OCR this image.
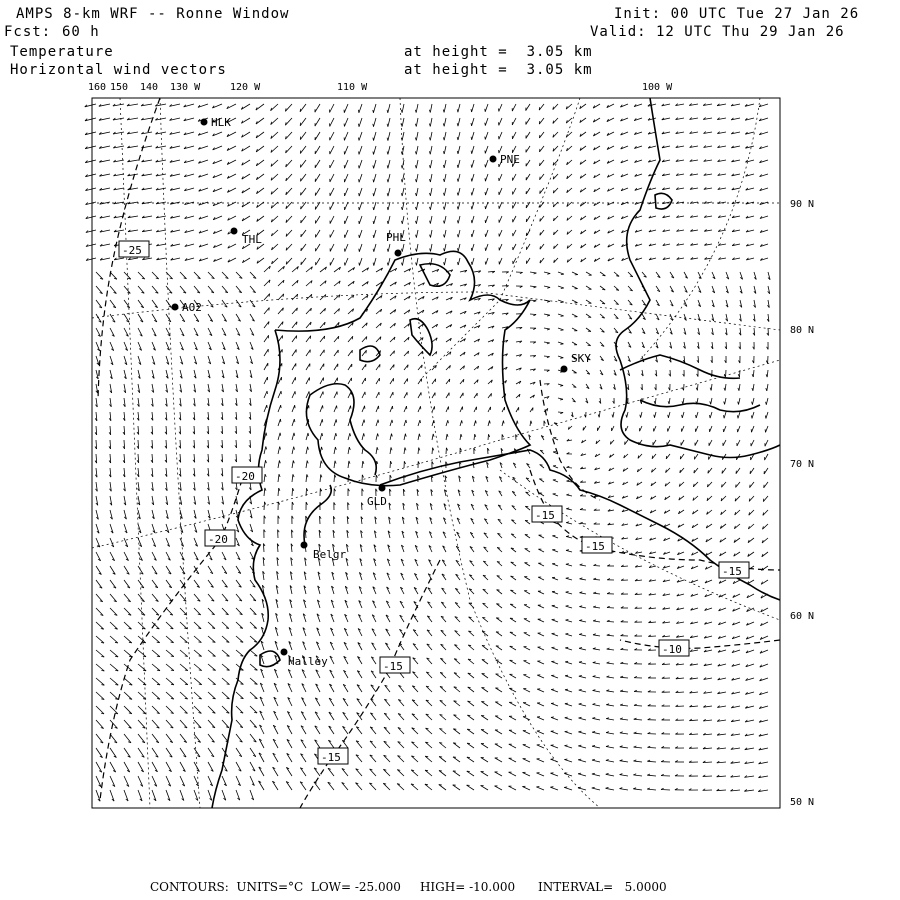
AMPS 8-km WRF -- Ronne Window
Fcst: 60 h
Temperature
Horizontal wind vectors
at height =  3.05 km
at height =  3.05 km
Init: 00 UTC Tue 27 Jan 26
Valid: 12 UTC Thu 29 Jan 26
HLK
PNE
THL	PHL
AO2
SKY
GLD
Belgr
Halley
-25
-20
-20
-15
-15
-15
-15
-10
-15
160 150 140 130 W	120 W	110 W	100 W
90 N
80 N
70 N
60 N
50 N
CONTOURS:  UNITS=°C  LOW= -25.000     HIGH= -10.000      INTERVAL=   5.0000
